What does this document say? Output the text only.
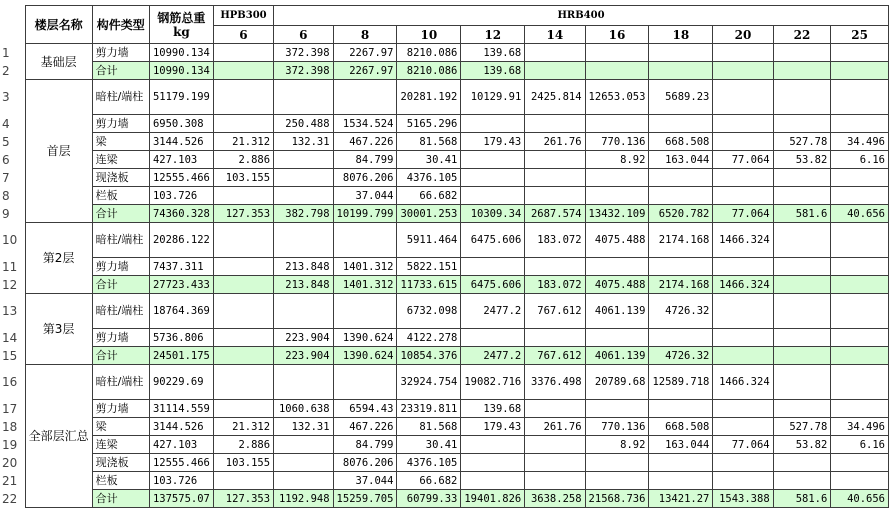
	楼层名称	构件类型	钢筋总重kg	HPB300	HRB400									
				6	6	8	10	12	14	16	18	20	22	25
1	基础层	剪力墙	10990.134		372.398	2267.97	8210.086	139.68						
2		合计	10990.134		372.398	2267.97	8210.086	139.68						
3	首层	暗柱/端柱	51179.199				20281.192	10129.91	2425.814	12653.053	5689.23			
4		剪力墙	6950.308		250.488	1534.524	5165.296							
5		梁	3144.526	21.312	132.31	467.226	81.568	179.43	261.76	770.136	668.508		527.78	34.496
6		连梁	427.103	2.886		84.799	30.41			8.92	163.044	77.064	53.82	6.16
7		现浇板	12555.466	103.155		8076.206	4376.105							
8		栏板	103.726			37.044	66.682							
9		合计	74360.328	127.353	382.798	10199.799	30001.253	10309.34	2687.574	13432.109	6520.782	77.064	581.6	40.656
10	第2层	暗柱/端柱	20286.122				5911.464	6475.606	183.072	4075.488	2174.168	1466.324		
11		剪力墙	7437.311		213.848	1401.312	5822.151							
12		合计	27723.433		213.848	1401.312	11733.615	6475.606	183.072	4075.488	2174.168	1466.324		
13	第3层	暗柱/端柱	18764.369				6732.098	2477.2	767.612	4061.139	4726.32			
14		剪力墙	5736.806		223.904	1390.624	4122.278							
15		合计	24501.175		223.904	1390.624	10854.376	2477.2	767.612	4061.139	4726.32			
16	全部层汇总	暗柱/端柱	90229.69				32924.754	19082.716	3376.498	20789.68	12589.718	1466.324		
17		剪力墙	31114.559		1060.638	6594.43	23319.811	139.68						
18		梁	3144.526	21.312	132.31	467.226	81.568	179.43	261.76	770.136	668.508		527.78	34.496
19		连梁	427.103	2.886		84.799	30.41			8.92	163.044	77.064	53.82	6.16
20		现浇板	12555.466	103.155		8076.206	4376.105							
21		栏板	103.726			37.044	66.682							
22		合计	137575.07	127.353	1192.948	15259.705	60799.33	19401.826	3638.258	21568.736	13421.27	1543.388	581.6	40.656
